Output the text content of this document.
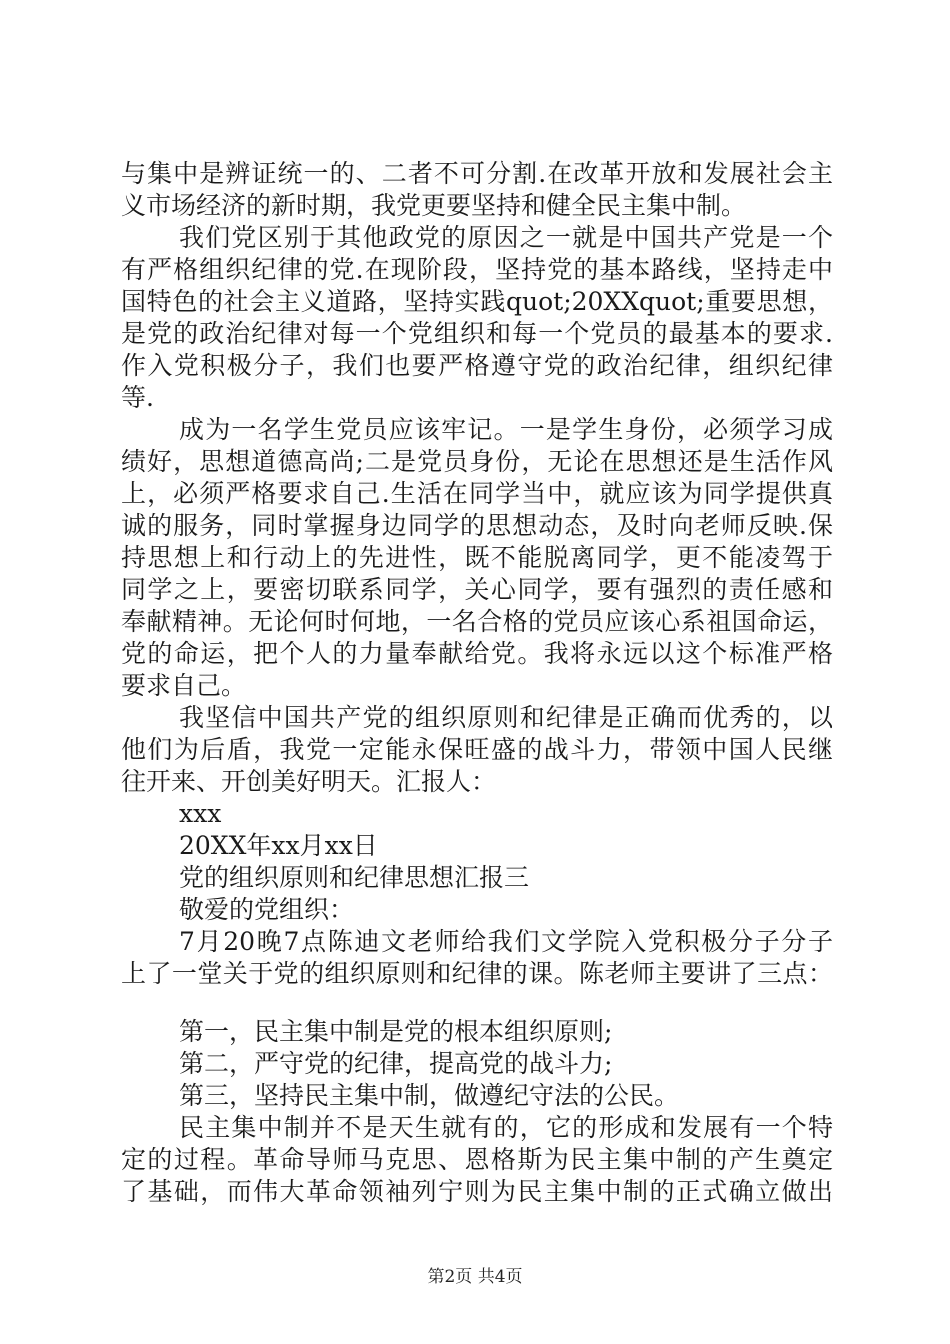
与集中是辨证统一的、二者不可分割.在改革开放和发展社会主
义市场经济的新时期，我党更要坚持和健全民主集中制。
我们党区别于其他政党的原因之一就是中国共产党是一个
有严格组织纪律的党.在现阶段，坚持党的基本路线，坚持走中
国特色的社会主义道路，坚持实践quot;20XXquot;重要思想，
是党的政治纪律对每一个党组织和每一个党员的最基本的要求.
作入党积极分子，我们也要严格遵守党的政治纪律，组织纪律
等.
成为一名学生党员应该牢记。一是学生身份，必须学习成
绩好，思想道德高尚;二是党员身份，无论在思想还是生活作风
上，必须严格要求自己.生活在同学当中，就应该为同学提供真
诚的服务，同时掌握身边同学的思想动态，及时向老师反映.保
持思想上和行动上的先进性，既不能脱离同学，更不能凌驾于
同学之上，要密切联系同学，关心同学，要有强烈的责任感和
奉献精神。无论何时何地，一名合格的党员应该心系祖国命运，
党的命运，把个人的力量奉献给党。我将永远以这个标准严格
要求自己。
我坚信中国共产党的组织原则和纪律是正确而优秀的，以
他们为后盾，我党一定能永保旺盛的战斗力，带领中国人民继
往开来、开创美好明天。汇报人：
xxx
20XX年xx月xx日
党的组织原则和纪律思想汇报三
敬爱的党组织：
7月20晚7点陈迪文老师给我们文学院入党积极分子分子
上了一堂关于党的组织原则和纪律的课。陈老师主要讲了三点：
第一，民主集中制是党的根本组织原则;
第二，严守党的纪律，提高党的战斗力;
第三，坚持民主集中制，做遵纪守法的公民。
民主集中制并不是天生就有的，它的形成和发展有一个特
定的过程。革命导师马克思、恩格斯为民主集中制的产生奠定
了基础，而伟大革命领袖列宁则为民主集中制的正式确立做出
第2页 共4页
